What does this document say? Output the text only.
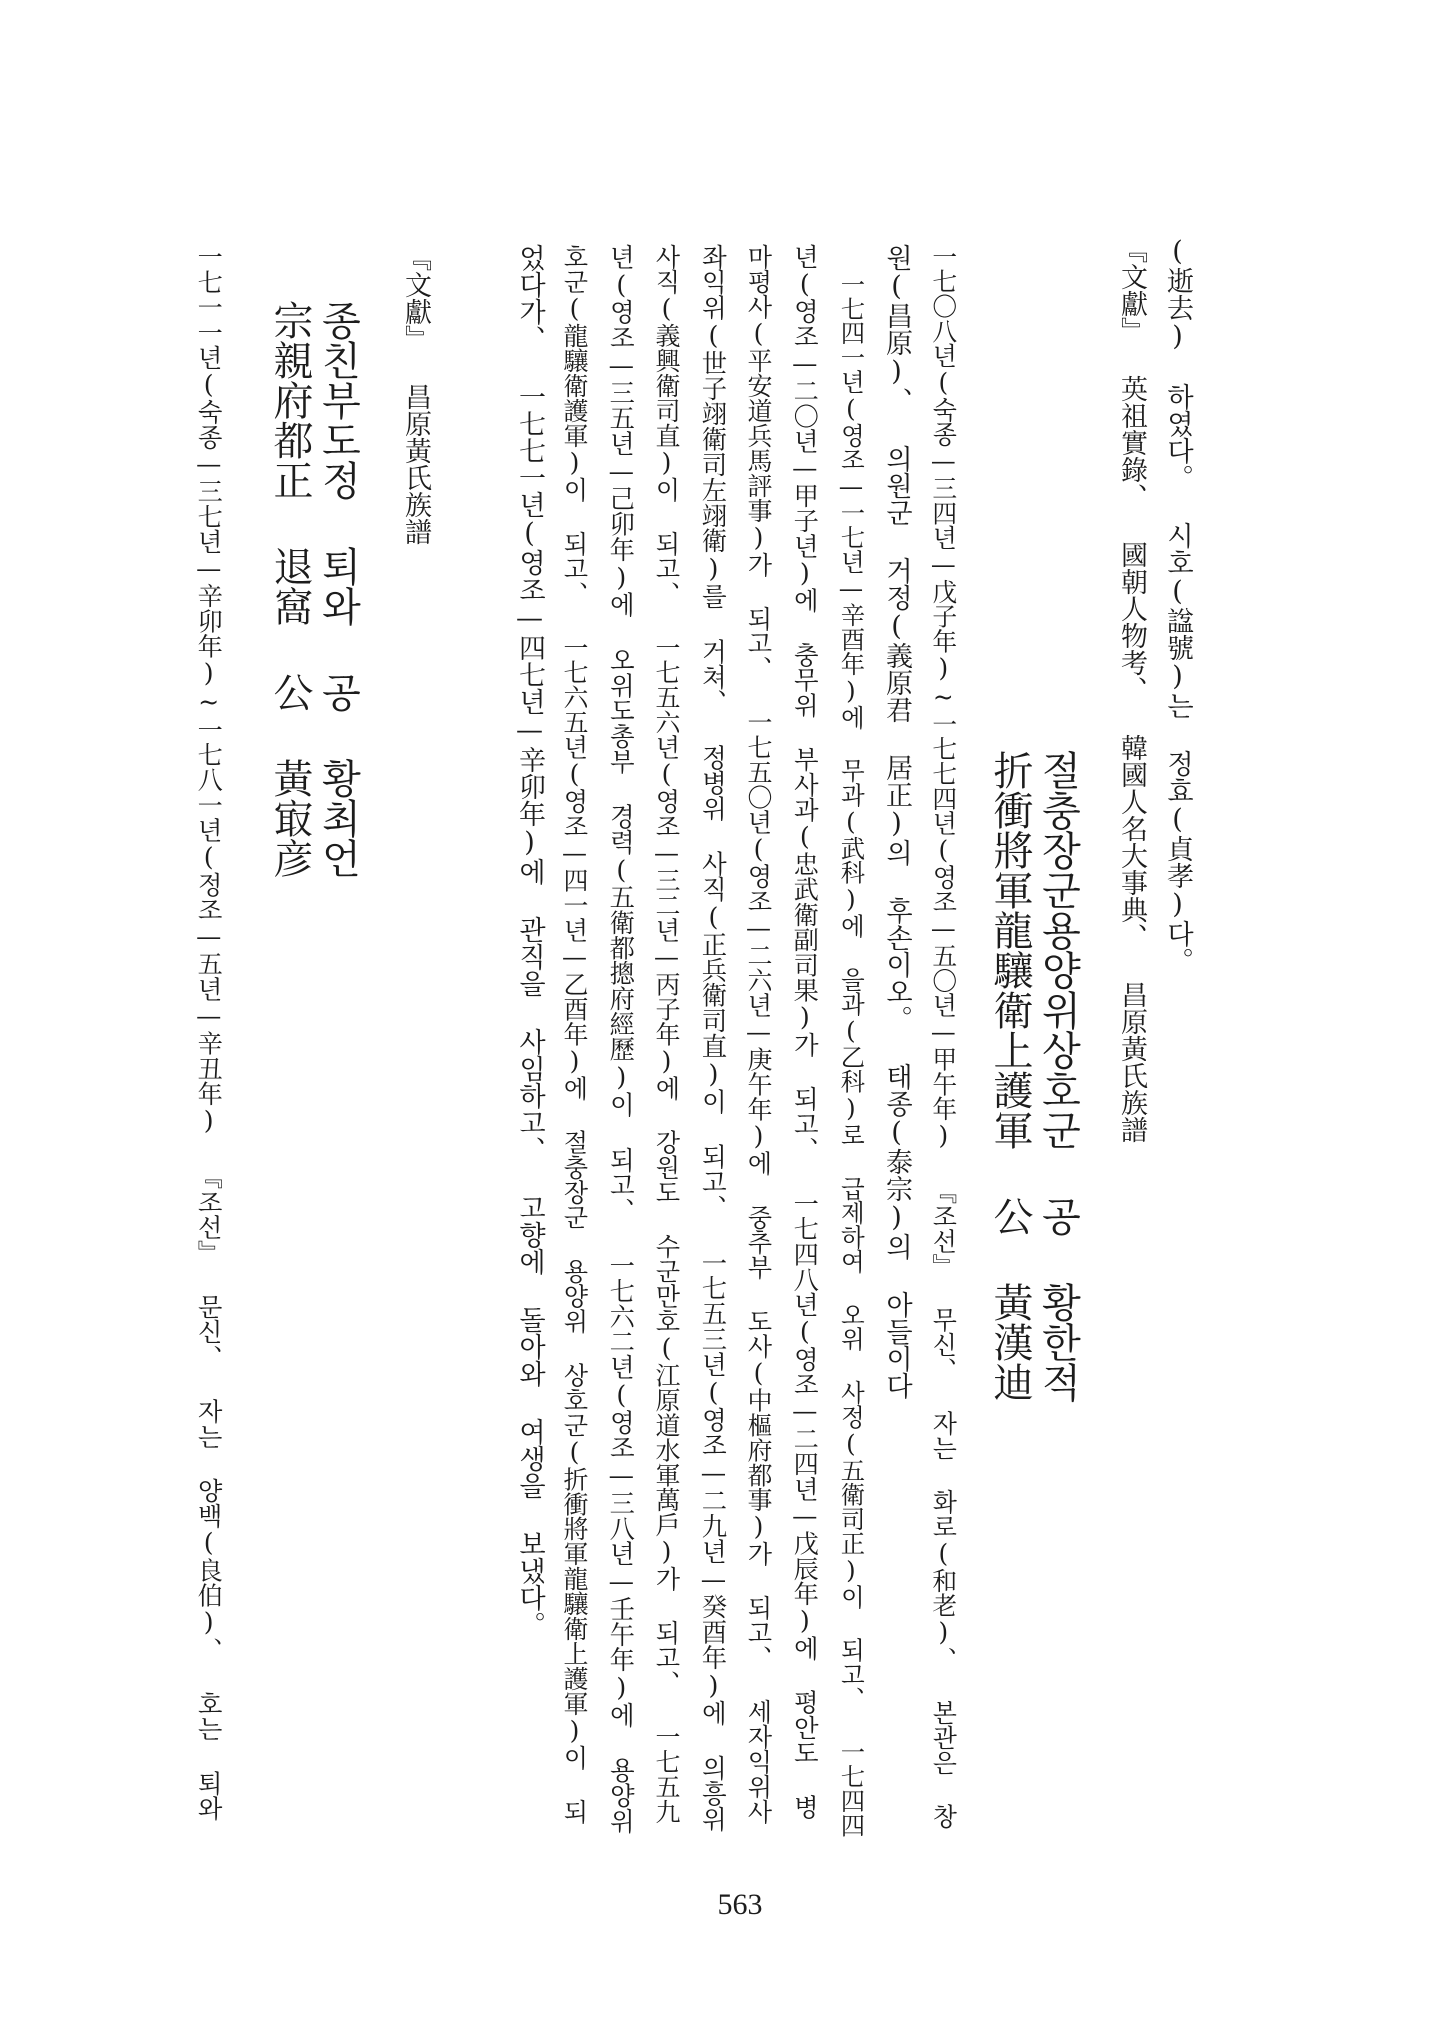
(逝去) 하였다。 시호(諡號)는 정효(貞孝)다。
『文獻』 英祖實錄、 國朝人物考、 韓國人名大事典、 昌原黃氏族譜
절충장군용양위상호군 공 황한적
折衝將軍龍驤衛上護軍 公 黃漢迪
一七〇八년(숙종—三四년—戊子年)~一七七四년(영조—五〇년—甲午年) 『조선』 무신、 자는 화로(和老)、 본관은 창
원(昌原)、 의원군 거정(義原君 居正)의 후손이오。 태종(泰宗)의 아들이다
一七四一년(영조—一七년—辛酉年)에 무과(武科)에 을과(乙科)로 급제하여 오위 사정(五衛司正)이 되고、 一七四四
년(영조—二〇년—甲子년)에 충무위 부사과(忠武衛副司果)가 되고、 一七四八년(영조—二四년—戊辰年)에 평안도 병
마평사(平安道兵馬評事)가 되고、 一七五〇년(영조—二六년—庚午年)에 중추부 도사(中樞府都事)가 되고、 세자익위사
좌익위(世子翊衛司左翊衛)를 거쳐、 정병위 사직(正兵衛司直)이 되고、 一七五三년(영조—二九년—癸酉年)에 의흥위
사직(義興衛司直)이 되고、 一七五六년(영조—三二년—丙子年)에 강원도 수군만호(江原道水軍萬戶)가 되고、 一七五九
년(영조—三五년—己卯年)에 오위도총부 경력(五衛都摠府經歷)이 되고、 一七六二년(영조—三八년—壬午年)에 용양위
호군(龍驤衛護軍)이 되고、 一七六五년(영조—四一년—乙酉年)에 절충장군 용양위 상호군(折衝將軍龍驤衛上護軍)이 되
었다가、 一七七一년(영조—四七년—辛卯年)에 관직을 사임하고、 고향에 돌아와 여생을 보냈다。
『文獻』 昌原黃氏族譜
종친부도정 퇴와 공 황최언
宗親府都正 退窩 公 黃㝡彦
一七一一년(숙종—三七년—辛卯年)~一七八一년(정조—五년—辛丑年) 『조선』 문신、 자는 양백(良伯)、 호는 퇴와
563
